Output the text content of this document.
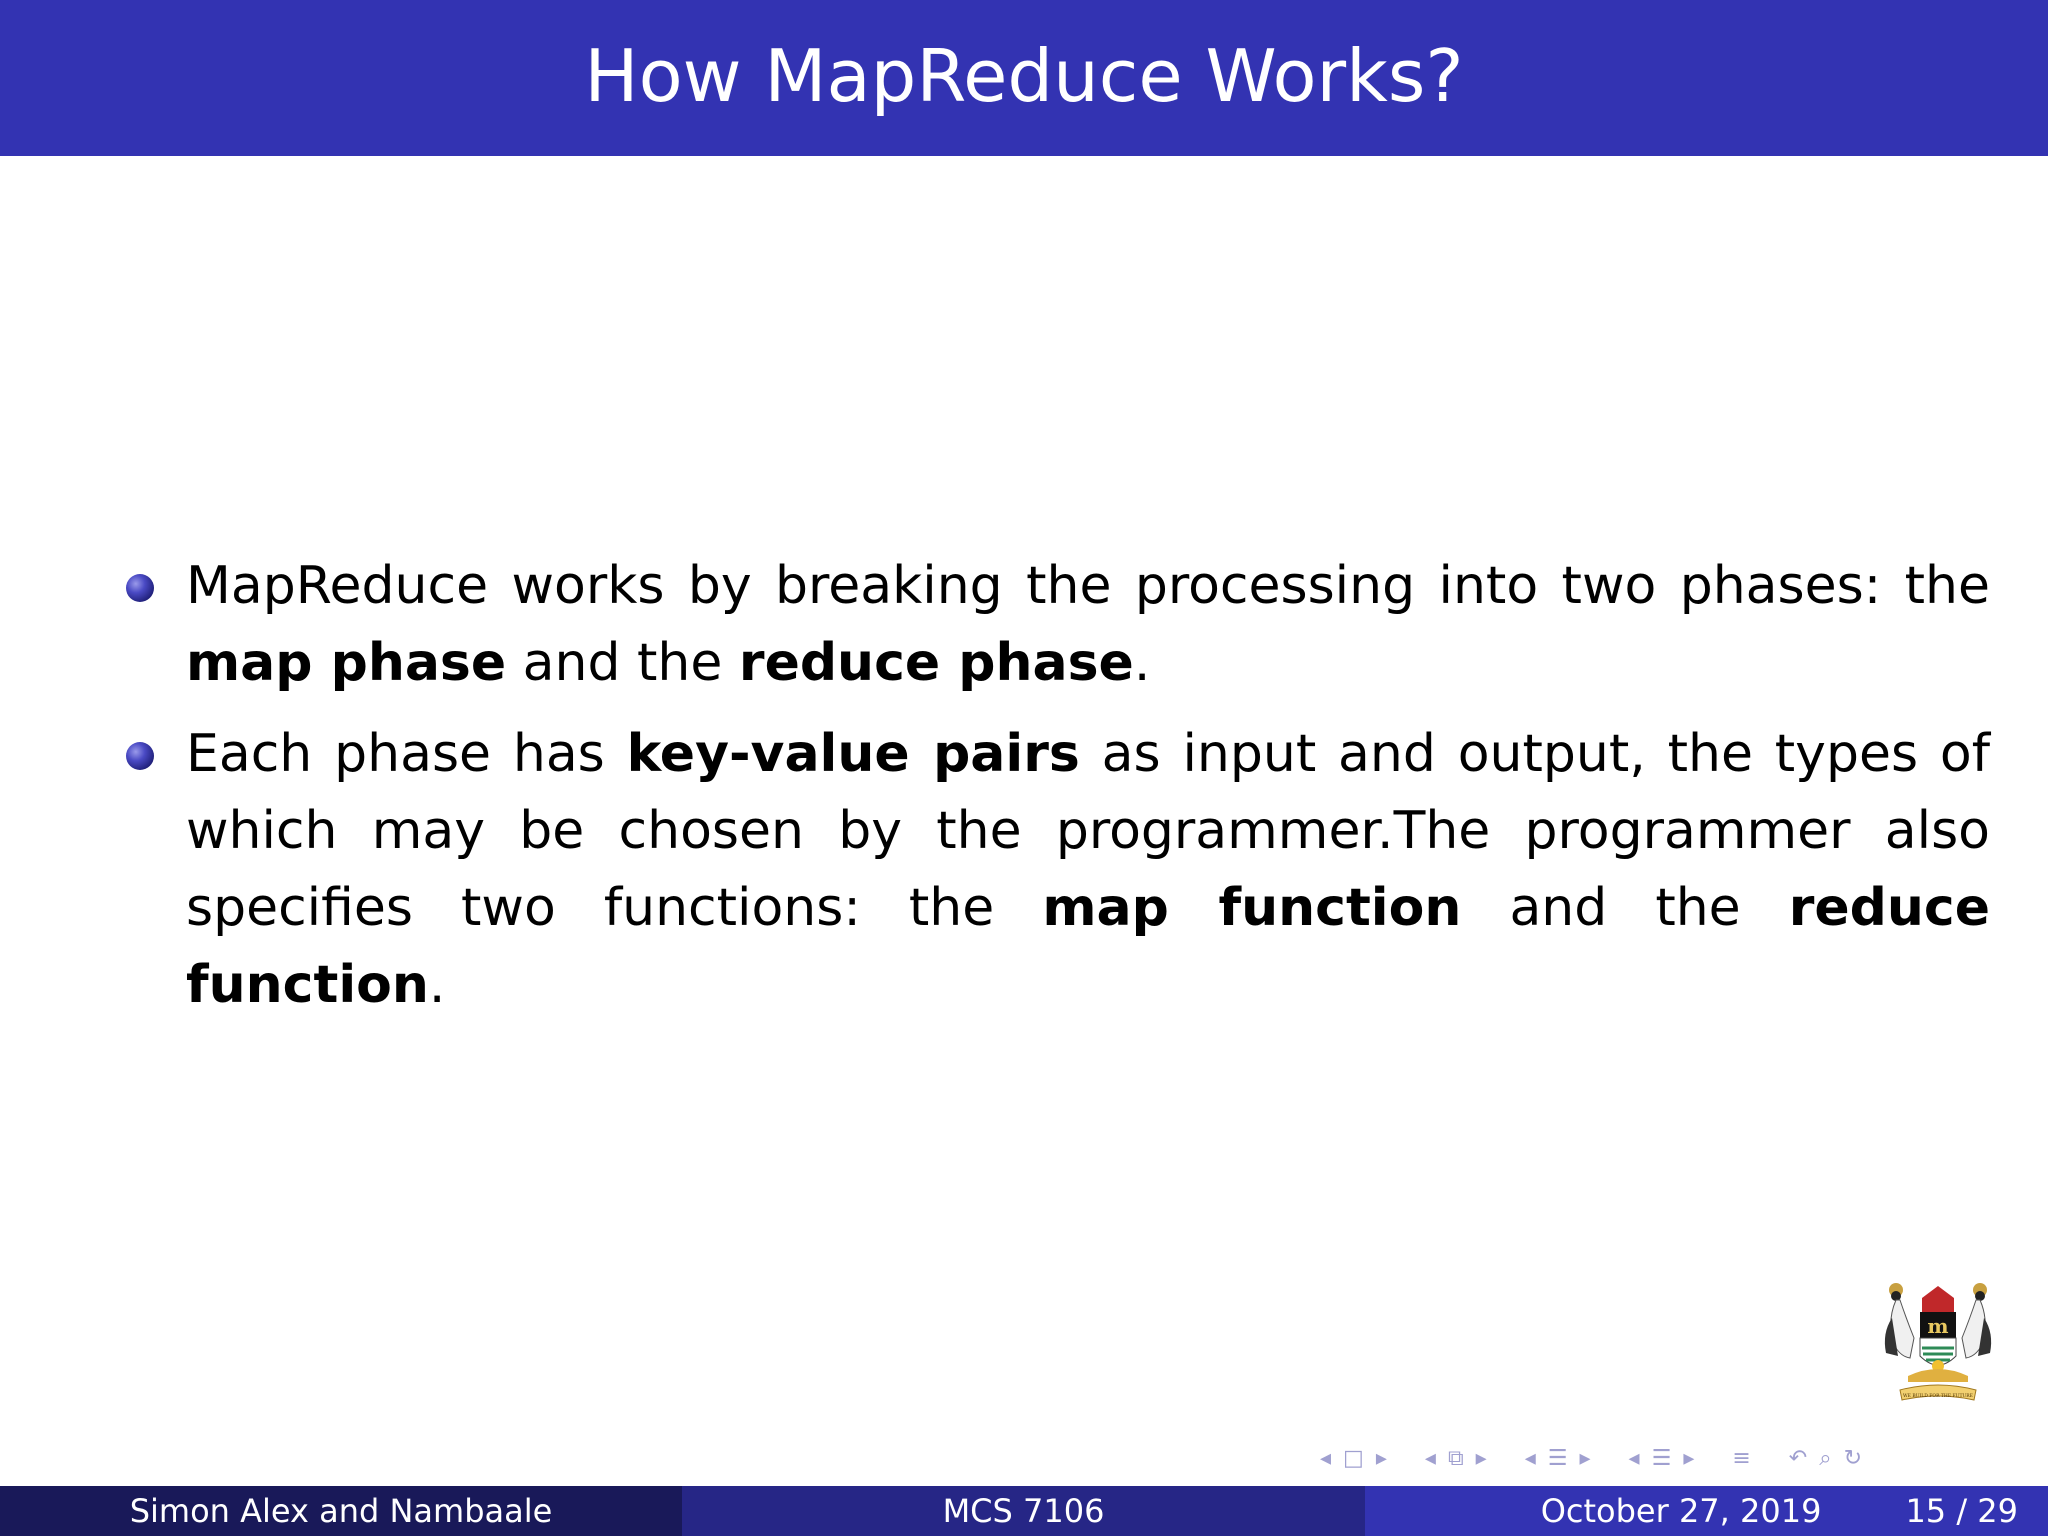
How MapReduce Works?
MapReduce works by breaking the processing into two phases: the map phase and the reduce phase.
Each phase has key-value pairs as input and output, the types of which may be chosen by the programmer.The programmer also specifies two functions: the map function and the reduce function.
m
WE BUILD FOR THE FUTURE
◂ □ ▸ ◂ ⧉ ▸ ◂ ☰ ▸ ◂ ☰ ▸ ≡ ↶ ⌕ ↻
Simon Alex and Nambaale	MCS 7106	October 27, 2019	15 / 29
